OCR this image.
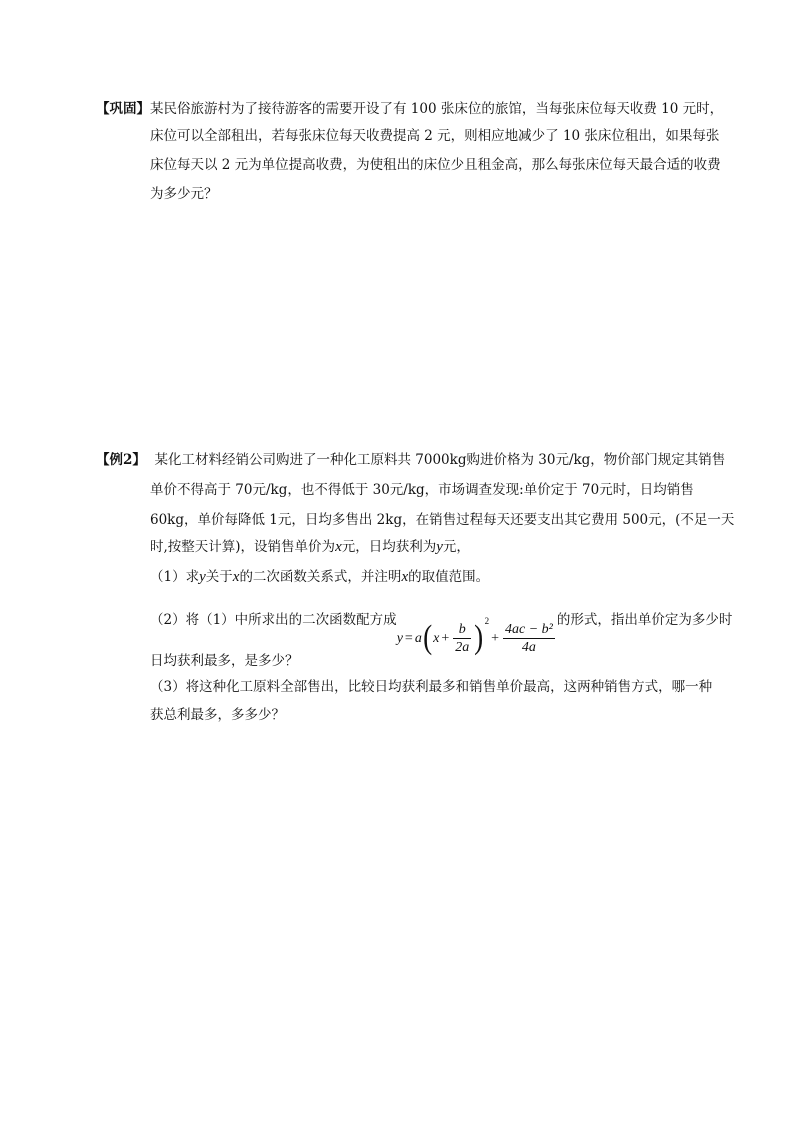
【巩固】某民俗旅游村为了接待游客的需要开设了有 100 张床位的旅馆，当每张床位每天收费 10 元时，
床位可以全部租出，若每张床位每天收费提高 2 元，则相应地减少了 10 张床位租出，如果每张
床位每天以 2 元为单位提高收费，为使租出的床位少且租金高，那么每张床位每天最合适的收费
为多少元？
【例2】 某化工材料经销公司购进了一种化工原料共 7000kg购进价格为 30元/kg，物价部门规定其销售
单价不得高于 70元/kg，也不得低于 30元/kg，市场调查发现:单价定于 70元时，日均销售
60kg，单价每降低 1元，日均多售出 2kg，在销售过程每天还要支出其它费用 500元，(不足一天
时,按整天计算)，设销售单价为x元，日均获利为y元，
（1）求y关于x的二次函数关系式，并注明x的取值范围。
（2）将（1）中所求出的二次函数配方成$y = a(x + \frac{b}{2a} )^2+ \frac{\text{4ac − b²}}{4a}$
的形式，指出单价定为多少时
日均获利最多，是多少？
（3）将这种化工原料全部售出，比较日均获利最多和销售单价最高，这两种销售方式，哪一种
获总利最多，多多少？
